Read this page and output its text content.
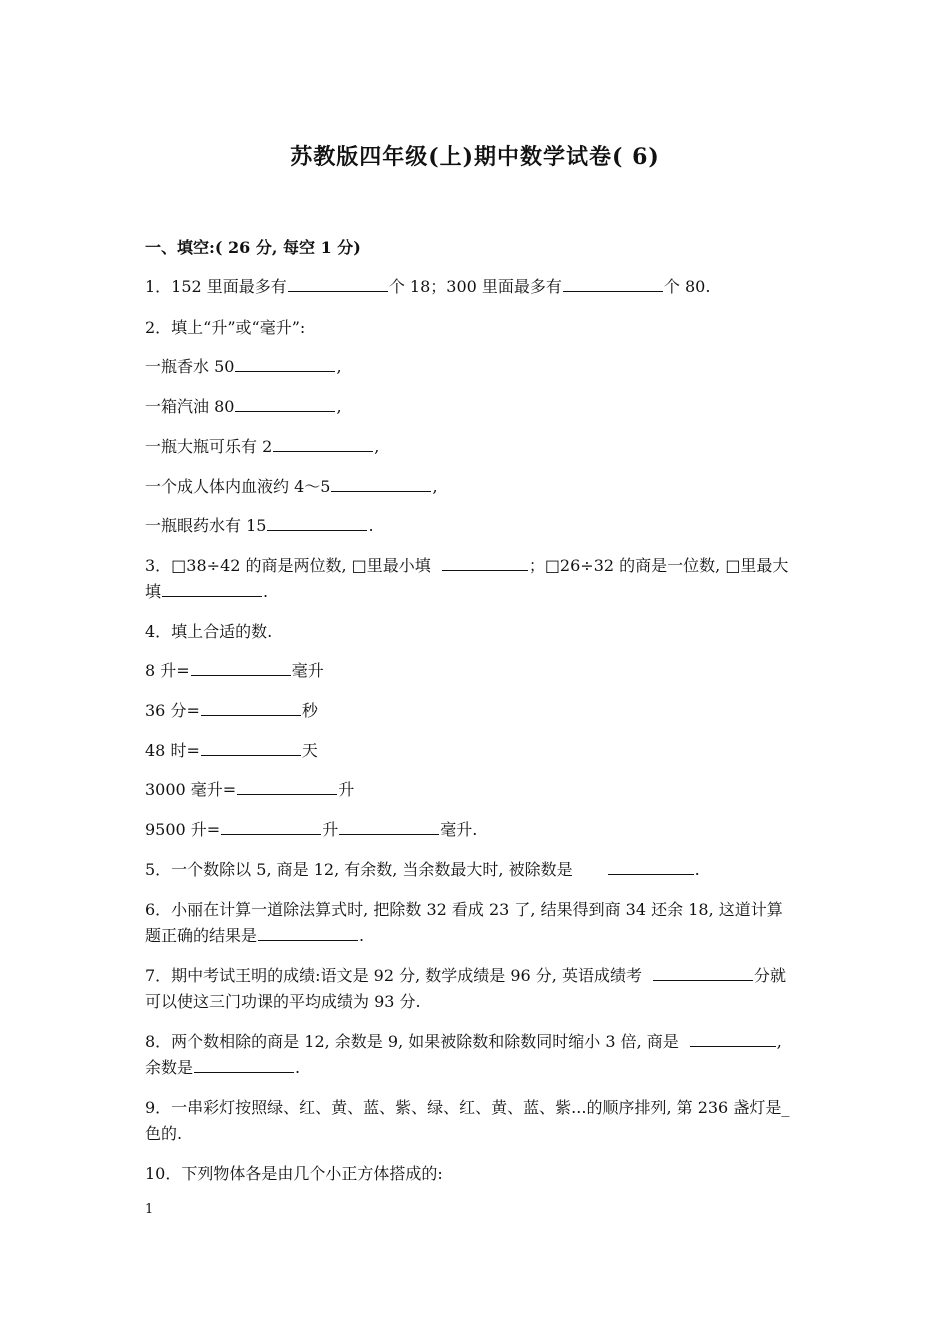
苏教版四年级(上)期中数学试卷( 6)
一、填空:( 26 分, 每空 1 分)
1．152 里面最多有	个 18；300 里面最多有	个 80.
2．填上“升”或“毫升”:
一瓶香水 50	,
一箱汽油 80	,
一瓶大瓶可乐有 2	,
一个成人体内血液约 4～5	,
一瓶眼药水有 15	.
3．□38÷42 的商是两位数, □里最小填	；□26÷32 的商是一位数, □里最大
填	.
4．填上合适的数.
8 升=	毫升
36 分=	秒
48 时=	天
3000 毫升=	升
9500 升=	升	毫升.
5．一个数除以 5, 商是 12, 有余数, 当余数最大时, 被除数是	.
6．小丽在计算一道除法算式时, 把除数 32 看成 23 了, 结果得到商 34 还余 18, 这道计算
题正确的结果是	.
7．期中考试王明的成绩:语文是 92 分, 数学成绩是 96 分, 英语成绩考	分就
可以使这三门功课的平均成绩为 93 分.
8．两个数相除的商是 12, 余数是 9, 如果被除数和除数同时缩小 3 倍, 商是	,
余数是	.
9．一串彩灯按照绿、红、黄、蓝、紫、绿、红、黄、蓝、紫...的顺序排列, 第 236 盏灯是_
色的.
10．下列物体各是由几个小正方体搭成的:
1
